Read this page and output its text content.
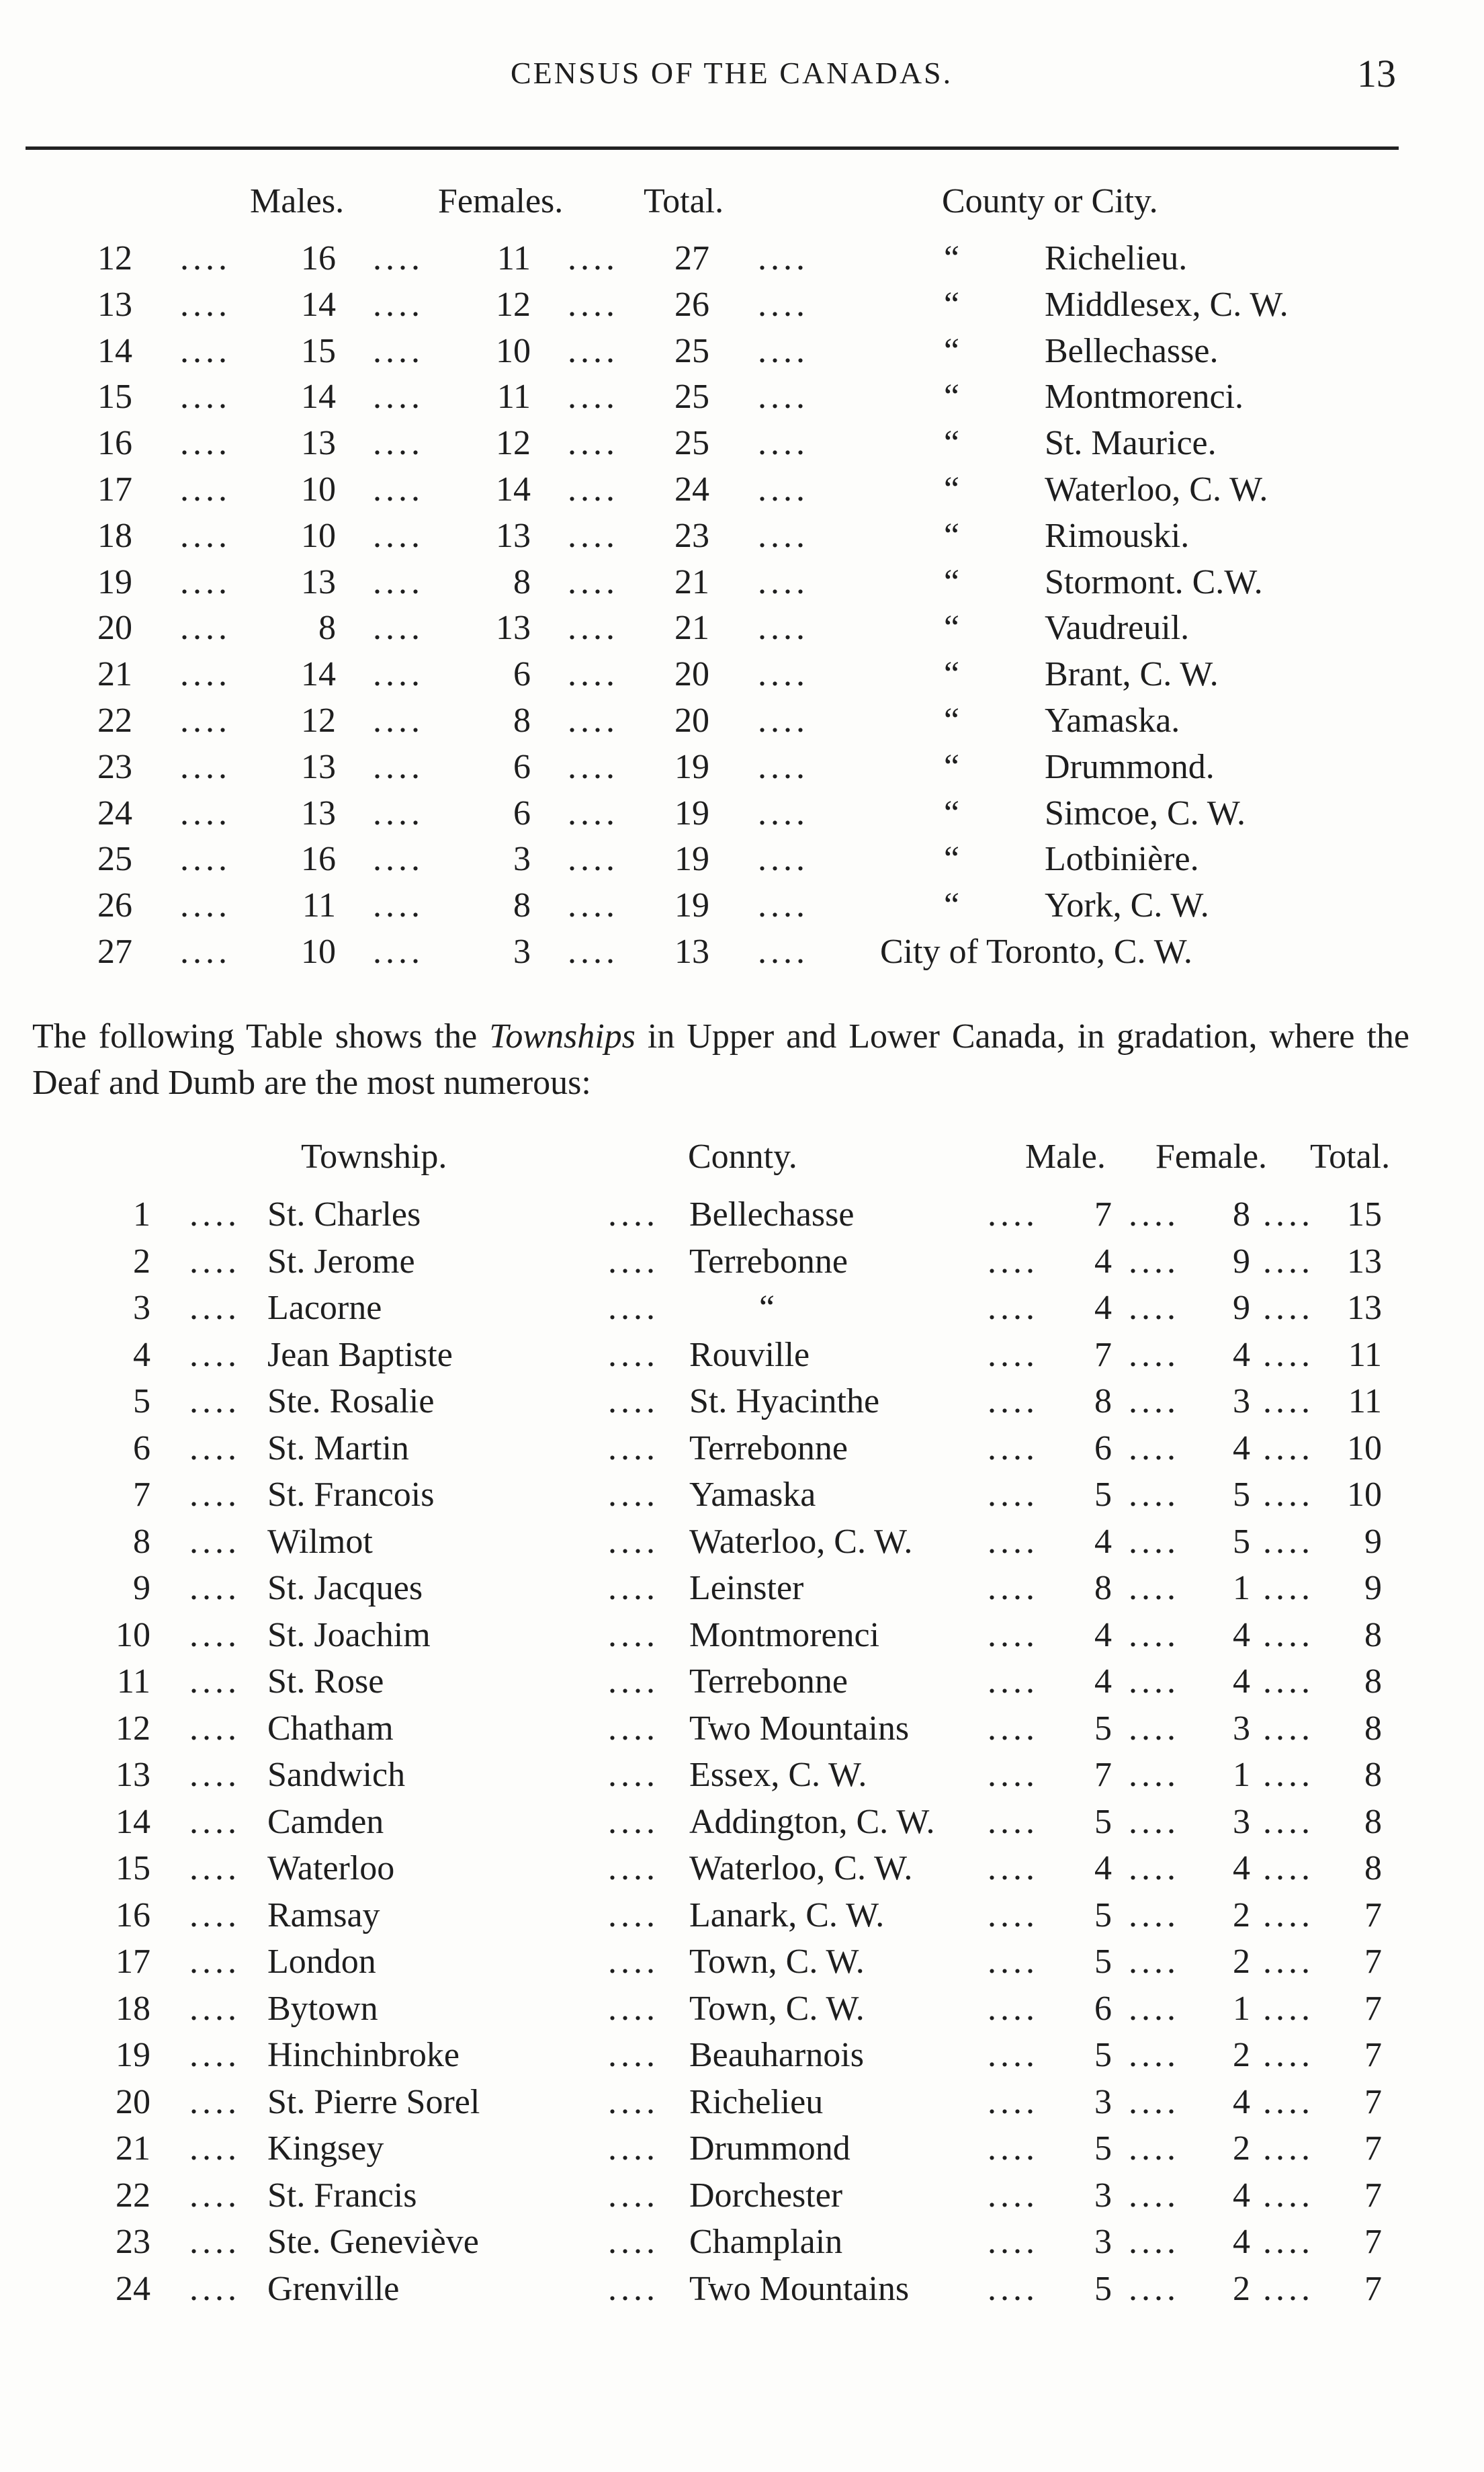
CENSUS OF THE CANADAS.	13
Males.	Females. Total.	County or City.
12 .... 16 .... 11 .... 27 ....	“ Richelieu.
13 .... 14 .... 12 .... 26 ....	“ Middlesex, C. W.
14 .... 15 .... 10 .... 25 ....	“ Bellechasse.
15 .... 14 .... 11 .... 25 ....	“ Montmorenci.
16 .... 13 .... 12 .... 25 ....	“ St. Maurice.
17 .... 10 .... 14 .... 24 ....	“ Waterloo, C. W.
18 .... 10 .... 13 .... 23 ....	“ Rimouski.
19 .... 13 ....	8 .... 21 ....	“ Stormont. C.W.
20 ....	8 .... 13 .... 21 ....	“ Vaudreuil.
21 .... 14 ....	6 .... 20 ....	“ Brant, C. W.
22 .... 12 ....	8 .... 20 ....	“ Yamaska.
23 .... 13 ....	6 .... 19 ....	“ Drummond.
24 .... 13 ....	6 .... 19 ....	“ Simcoe, C. W.
25 .... 16 ....	3 .... 19 ....	“ Lotbinière.
26 .... 11 ....	8 .... 19 ....	“ York, C. W.
27 .... 10 ....	3 .... 13 .... City of Toronto, C. W.
The following Table shows the Townships in Upper and Lower Canada, in gradation, where the Deaf and Dumb are the most numerous:
Township.	Connty.	Male. Female. Total.
1 .... St. Charles	.... Bellechasse	.... 7 .... 8 .... 15
2 .... St. Jerome	.... Terrebonne	.... 4 .... 9 .... 13
3 .... Lacorne	....	“	.... 4 .... 9 .... 13
4 .... Jean Baptiste	.... Rouville	.... 7 .... 4 .... 11
5 .... Ste. Rosalie	.... St. Hyacinthe	.... 8 .... 3 .... 11
6 .... St. Martin	.... Terrebonne	.... 6 .... 4 .... 10
7 .... St. Francois	.... Yamaska	.... 5 .... 5 .... 10
8 .... Wilmot	.... Waterloo, C. W. .... 4 .... 5 .... 9
9 .... St. Jacques	.... Leinster	.... 8 .... 1 .... 9
10 .... St. Joachim	.... Montmorenci	.... 4 .... 4 .... 8
11 .... St. Rose	.... Terrebonne	.... 4 .... 4 .... 8
12 .... Chatham	.... Two Mountains .... 5 .... 3 .... 8
13 .... Sandwich	.... Essex, C. W.	.... 7 .... 1 .... 8
14 .... Camden	.... Addington, C. W. .... 5 .... 3 .... 8
15 .... Waterloo	.... Waterloo, C. W. .... 4 .... 4 .... 8
16 .... Ramsay	.... Lanark, C. W.	.... 5 .... 2 .... 7
17 .... London	.... Town, C. W.	.... 5 .... 2 .... 7
18 .... Bytown	.... Town, C. W.	.... 6 .... 1 .... 7
19 .... Hinchinbroke	.... Beauharnois	.... 5 .... 2 .... 7
20 .... St. Pierre Sorel	.... Richelieu	.... 3 .... 4 .... 7
21 .... Kingsey	.... Drummond	.... 5 .... 2 .... 7
22 .... St. Francis	.... Dorchester	.... 3 .... 4 .... 7
23 .... Ste. Geneviève	.... Champlain	.... 3 .... 4 .... 7
24 .... Grenville	.... Two Mountains .... 5 .... 2 .... 7
